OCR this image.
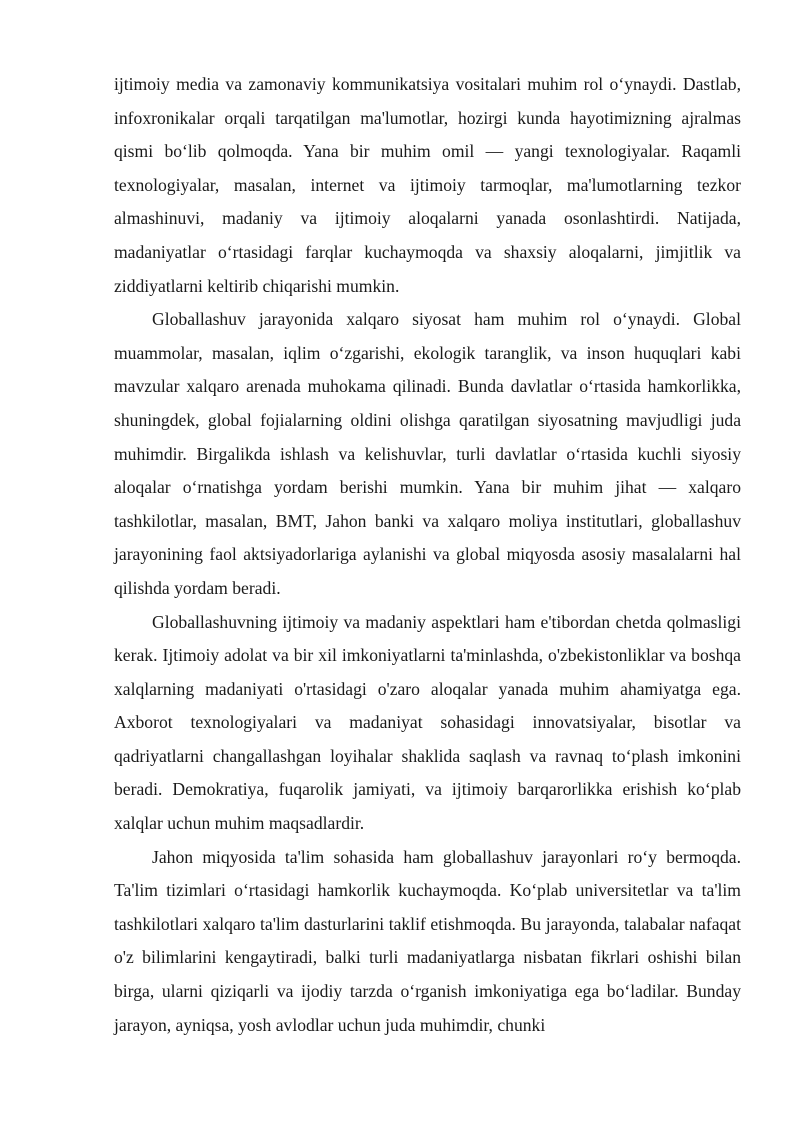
ijtimoiy media va zamonaviy kommunikatsiya vositalari muhim rol o‘ynaydi. Dastlab, infoxronikalar orqali tarqatilgan ma'lumotlar, hozirgi kunda hayotimizning ajralmas qismi bo‘lib qolmoqda. Yana bir muhim omil — yangi texnologiyalar. Raqamli texnologiyalar, masalan, internet va ijtimoiy tarmoqlar, ma'lumotlarning tezkor almashinuvi, madaniy va ijtimoiy aloqalarni yanada osonlashtirdi. Natijada, madaniyatlar o‘rtasidagi farqlar kuchaymoqda va shaxsiy aloqalarni, jimjitlik va ziddiyatlarni keltirib chiqarishi mumkin.

Globallashuv jarayonida xalqaro siyosat ham muhim rol o‘ynaydi. Global muammolar, masalan, iqlim o‘zgarishi, ekologik taranglik, va inson huquqlari kabi mavzular xalqaro arenada muhokama qilinadi. Bunda davlatlar o‘rtasida hamkorlikka, shuningdek, global fojialarning oldini olishga qaratilgan siyosatning mavjudligi juda muhimdir. Birgalikda ishlash va kelishuvlar, turli davlatlar o‘rtasida kuchli siyosiy aloqalar o‘rnatishga yordam berishi mumkin. Yana bir muhim jihat — xalqaro tashkilotlar, masalan, BMT, Jahon banki va xalqaro moliya institutlari, globallashuv jarayonining faol aktsiyadorlariga aylanishi va global miqyosda asosiy masalalarni hal qilishda yordam beradi.

Globallashuvning ijtimoiy va madaniy aspektlari ham e'tibordan chetda qolmasligi kerak. Ijtimoiy adolat va bir xil imkoniyatlarni ta'minlashda, o'zbekistonliklar va boshqa xalqlarning madaniyati o'rtasidagi o'zaro aloqalar yanada muhim ahamiyatga ega. Axborot texnologiyalari va madaniyat sohasidagi innovatsiyalar, bisotlar va qadriyatlarni changallashgan loyihalar shaklida saqlash va ravnaq to‘plash imkonini beradi. Demokratiya, fuqarolik jamiyati, va ijtimoiy barqarorlikka erishish ko‘plab xalqlar uchun muhim maqsadlardir.

Jahon miqyosida ta'lim sohasida ham globallashuv jarayonlari ro‘y bermoqda. Ta'lim tizimlari o‘rtasidagi hamkorlik kuchaymoqda. Ko‘plab universitetlar va ta'lim tashkilotlari xalqaro ta'lim dasturlarini taklif etishmoqda. Bu jarayonda, talabalar nafaqat o'z bilimlarini kengaytiradi, balki turli madaniyatlarga nisbatan fikrlari oshishi bilan birga, ularni qiziqarli va ijodiy tarzda o‘rganish imkoniyatiga ega bo‘ladilar. Bunday jarayon, ayniqsa, yosh avlodlar uchun juda muhimdir, chunki
